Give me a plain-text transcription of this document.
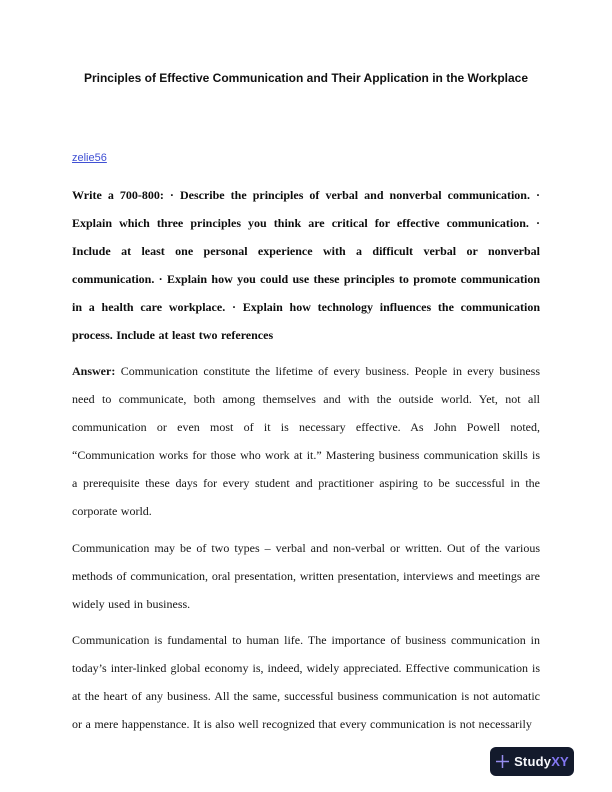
Principles of Effective Communication and Their Application in the Workplace
zelie56

Write a 700-800: · Describe the principles of verbal and nonverbal communication. · Explain which three principles you think are critical for effective communication. · Include at least one personal experience with a difficult verbal or nonverbal communication. · Explain how you could use these principles to promote communication in a health care workplace. · Explain how technology influences the communication process. Include at least two references

Answer: Communication constitute the lifetime of every business. People in every business need to communicate, both among themselves and with the outside world. Yet, not all communication or even most of it is necessary effective. As John Powell noted, “Communication works for those who work at it.” Mastering business communication skills is a prerequisite these days for every student and practitioner aspiring to be successful in the corporate world.

Communication may be of two types – verbal and non-verbal or written. Out of the various methods of communication, oral presentation, written presentation, interviews and meetings are widely used in business.

Communication is fundamental to human life. The importance of business communication in today’s inter-linked global economy is, indeed, widely appreciated. Effective communication is at the heart of any business. All the same, successful business communication is not automatic or a mere happenstance. It is also well recognized that every communication is not necessarily

StudyXY
